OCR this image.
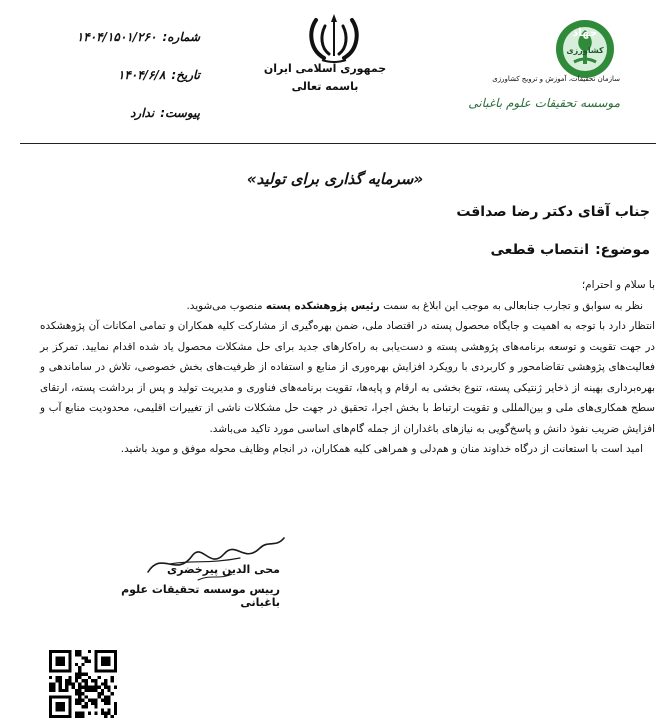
شماره:۱۴۰۴/۱۵۰۱/۲۶۰
تاریخ:۱۴۰۴/۶/۸
پیوست:ندارد
جمهوری اسلامی ایران
باسمه تعالی
جهاد
کشاورزی
سازمان تحقیقات، آموزش و ترویج کشاورزی
موسسه تحقیقات علوم باغبانی
«سرمایه گذاری برای تولید»
جناب آقای دکتر رضا صداقت
موضوع:انتصاب قطعی

با سلام و احترام؛

نظر به سوابق و تجارب جنابعالی به موجب این ابلاغ به سمت رئیس پژوهشکده پسته منصوب می‌شوید.

انتظار دارد با توجه به اهمیت و جایگاه محصول پسته در اقتصاد ملی، ضمن بهره‌گیری از مشارکت کلیه همکاران و تمامی امکانات آن پژوهشکده در جهت تقویت و توسعه برنامه‌های پژوهشی پسته و دست‌یابی به راه‌کارهای جدید برای حل مشکلات محصول یاد شده اقدام نمایید. تمرکز بر فعالیت‌های پژوهشی تقاضامحور و کاربردی با رویکرد افزایش بهره‌وری از منابع و استفاده از ظرفیت‌های بخش خصوصی، تلاش در ساماندهی و بهره‌برداری بهینه از ذخایر ژنتیکی پسته، تنوع بخشی به ارقام و پایه‌ها، تقویت برنامه‌های فناوری و مدیریت تولید و پس از برداشت پسته، ارتقای سطح همکاری‌های ملی و بین‌المللی و تقویت ارتباط با بخش اجرا، تحقیق در جهت حل مشکلات ناشی از تغییرات اقلیمی، محدودیت منابع آب و افزایش ضریب نفوذ دانش و پاسخ‌گویی به نیازهای باغداران از جمله گام‌های اساسی مورد تاکید می‌باشد.

امید است با استعانت از درگاه خداوند منان و هم‌دلی و همراهی کلیه همکاران، در انجام وظایف محوله موفق و موید باشید.

محی الدین پیرخضری
رییس موسسه تحقیقات علوم باغبانی
